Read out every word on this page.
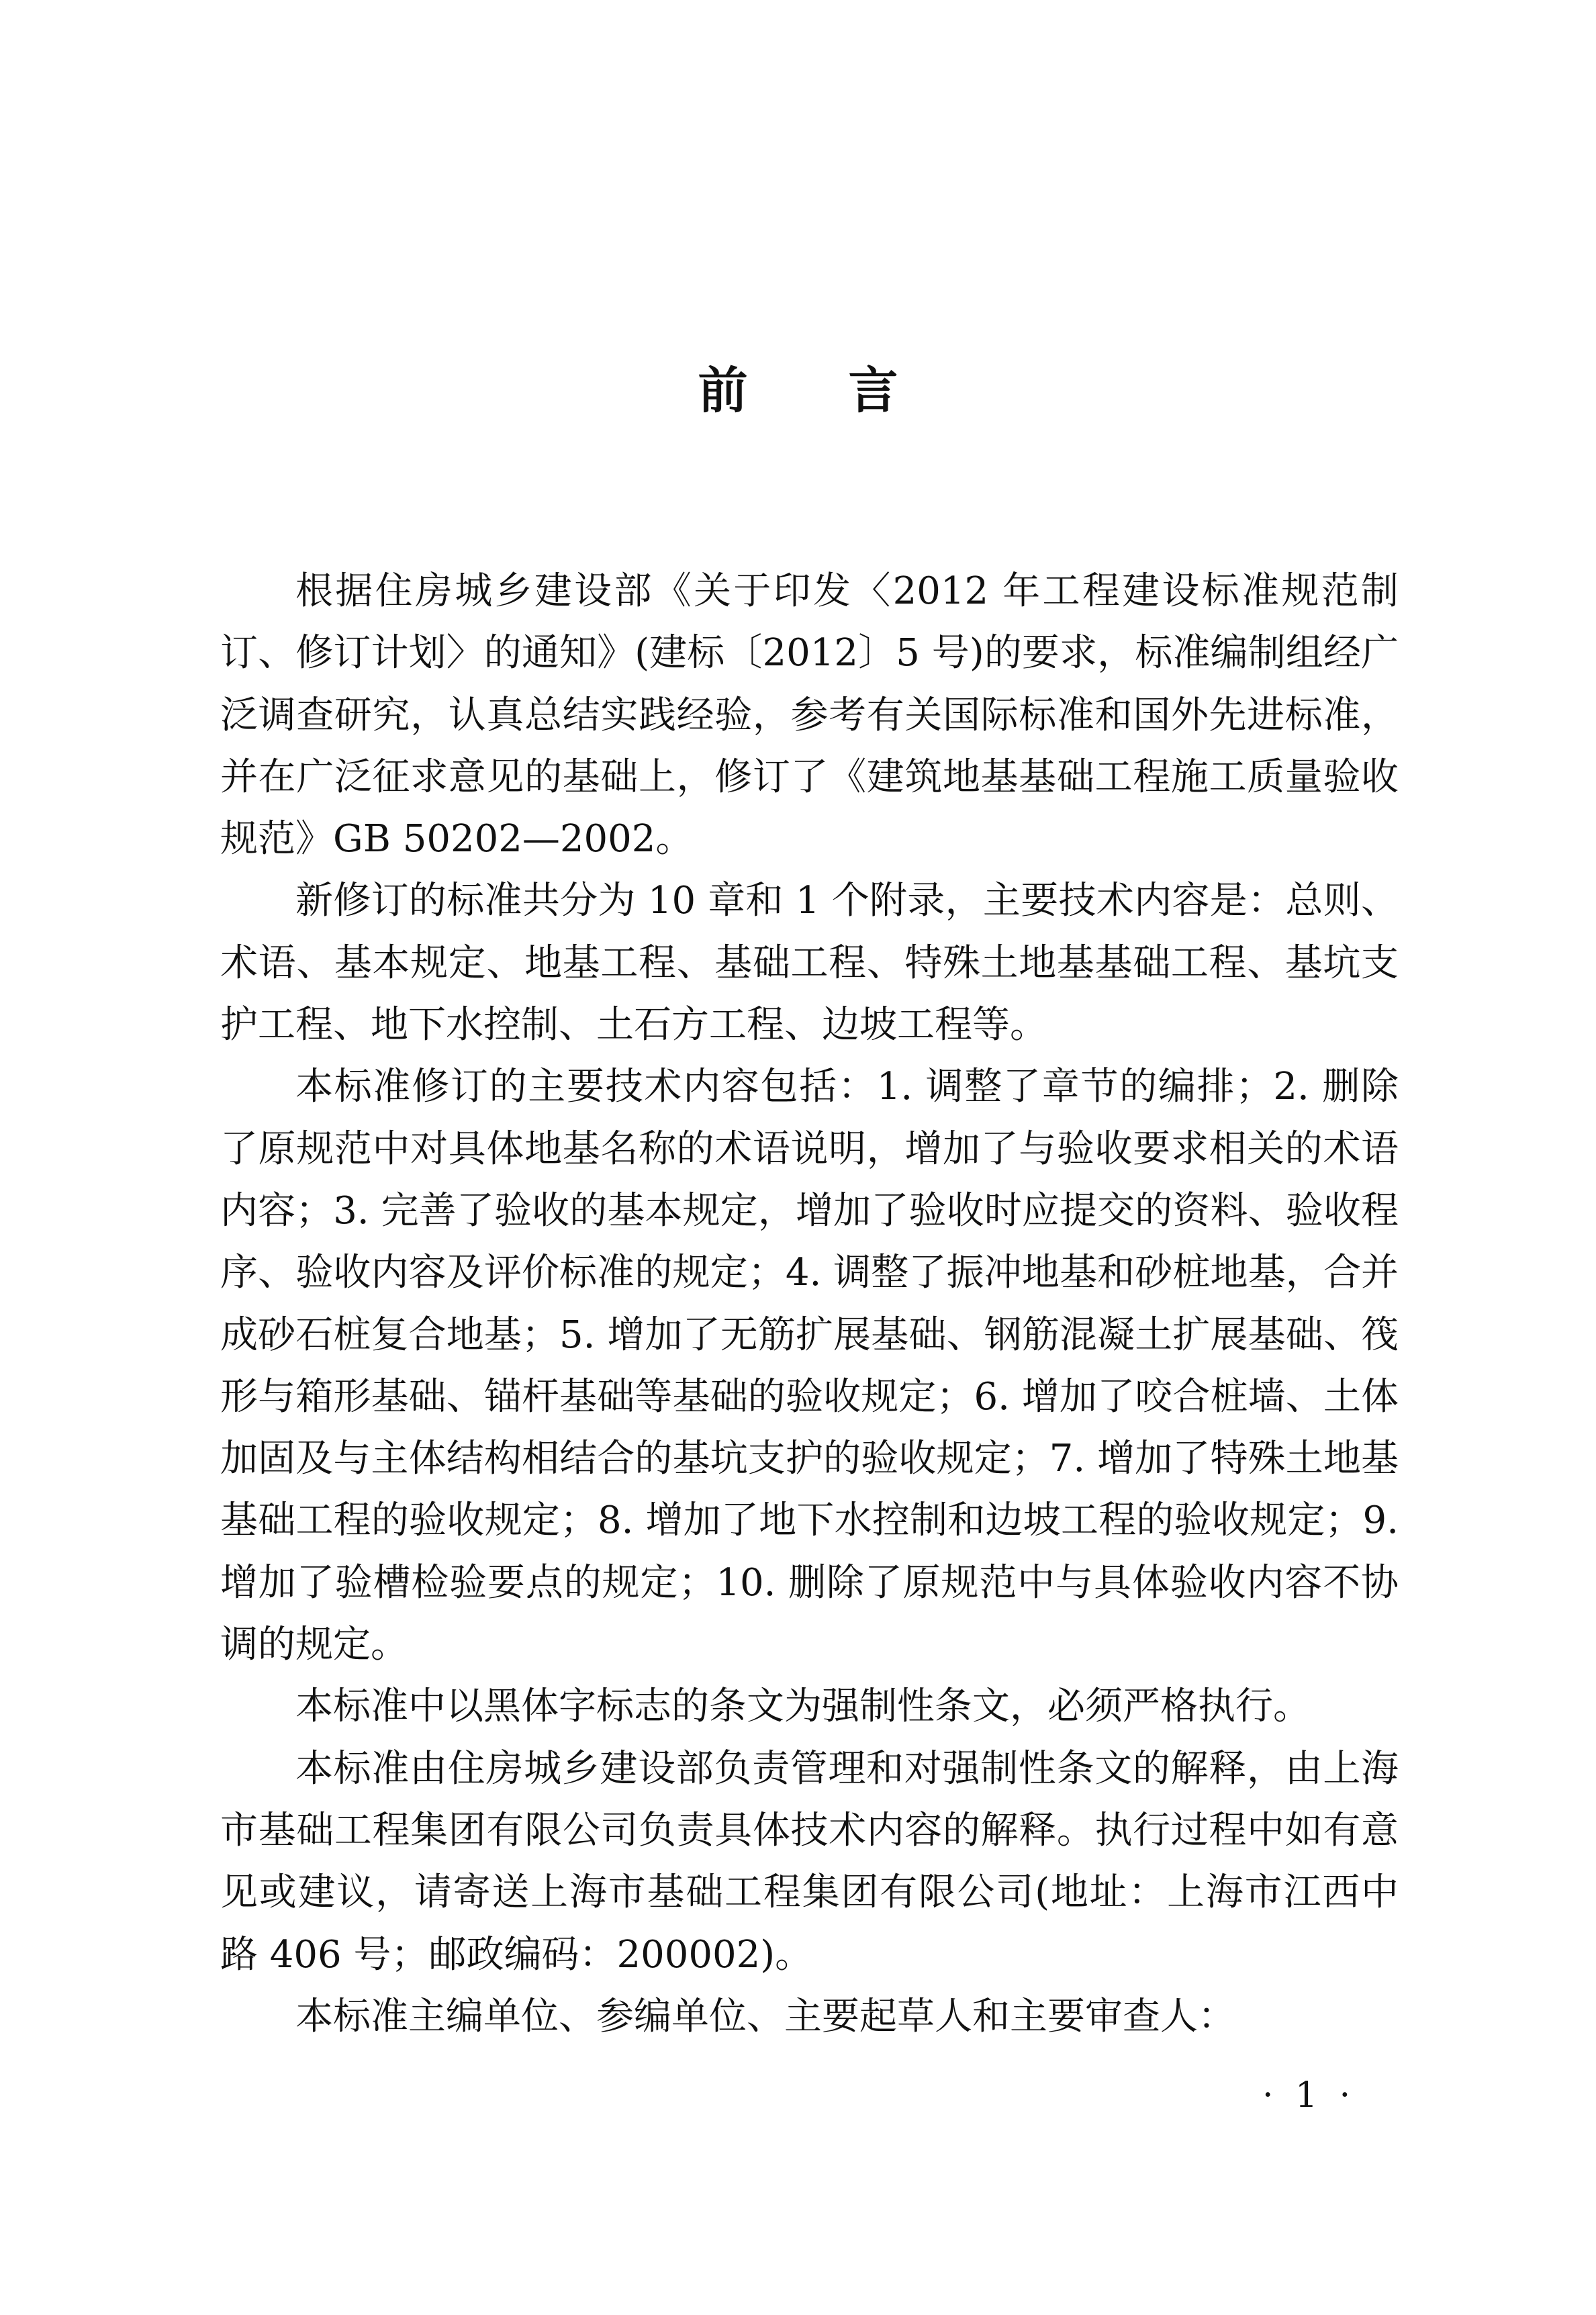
前 言

根据住房城乡建设部《关于印发〈2012 年工程建设标准规范制订、修订计划〉的通知》(建标〔2012〕5 号)的要求，标准编制组经广泛调查研究，认真总结实践经验，参考有关国际标准和国外先进标准，并在广泛征求意见的基础上，修订了《建筑地基基础工程施工质量验收规范》GB 50202—2002。

新修订的标准共分为 10 章和 1 个附录，主要技术内容是：总则、术语、基本规定、地基工程、基础工程、特殊土地基基础工程、基坑支护工程、地下水控制、土石方工程、边坡工程等。

本标准修订的主要技术内容包括：1. 调整了章节的编排；2. 删除了原规范中对具体地基名称的术语说明，增加了与验收要求相关的术语内容；3. 完善了验收的基本规定，增加了验收时应提交的资料、验收程序、验收内容及评价标准的规定；4. 调整了振冲地基和砂桩地基，合并成砂石桩复合地基；5. 增加了无筋扩展基础、钢筋混凝土扩展基础、筏形与箱形基础、锚杆基础等基础的验收规定；6. 增加了咬合桩墙、土体加固及与主体结构相结合的基坑支护的验收规定；7. 增加了特殊土地基基础工程的验收规定；8. 增加了地下水控制和边坡工程的验收规定；9. 增加了验槽检验要点的规定；10. 删除了原规范中与具体验收内容不协调的规定。

本标准中以黑体字标志的条文为强制性条文，必须严格执行。

本标准由住房城乡建设部负责管理和对强制性条文的解释，由上海市基础工程集团有限公司负责具体技术内容的解释。执行过程中如有意见或建议，请寄送上海市基础工程集团有限公司(地址：上海市江西中路 406 号；邮政编码：200002)。

本标准主编单位、参编单位、主要起草人和主要审查人：

· 1 ·
